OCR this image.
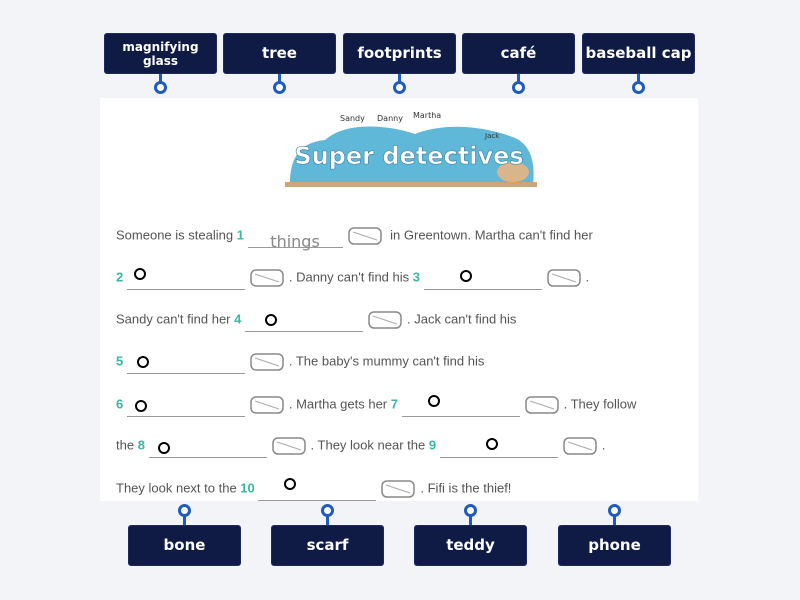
magnifying glass	tree	footprints	café	baseball cap
bone	scarf	teddy	phone
Super detectives
Sandy Danny Martha
Jack
Someone is stealing 1 things	in Greentown. Martha can't find her
2	. Danny can't find his 3	.
Sandy can't find her 4	. Jack can't find his
5	. The baby's mummy can't find his
6	. Martha gets her 7	. They follow
the 8	. They look near the 9	.
They look next to the 10	. Fifi is the thief!
